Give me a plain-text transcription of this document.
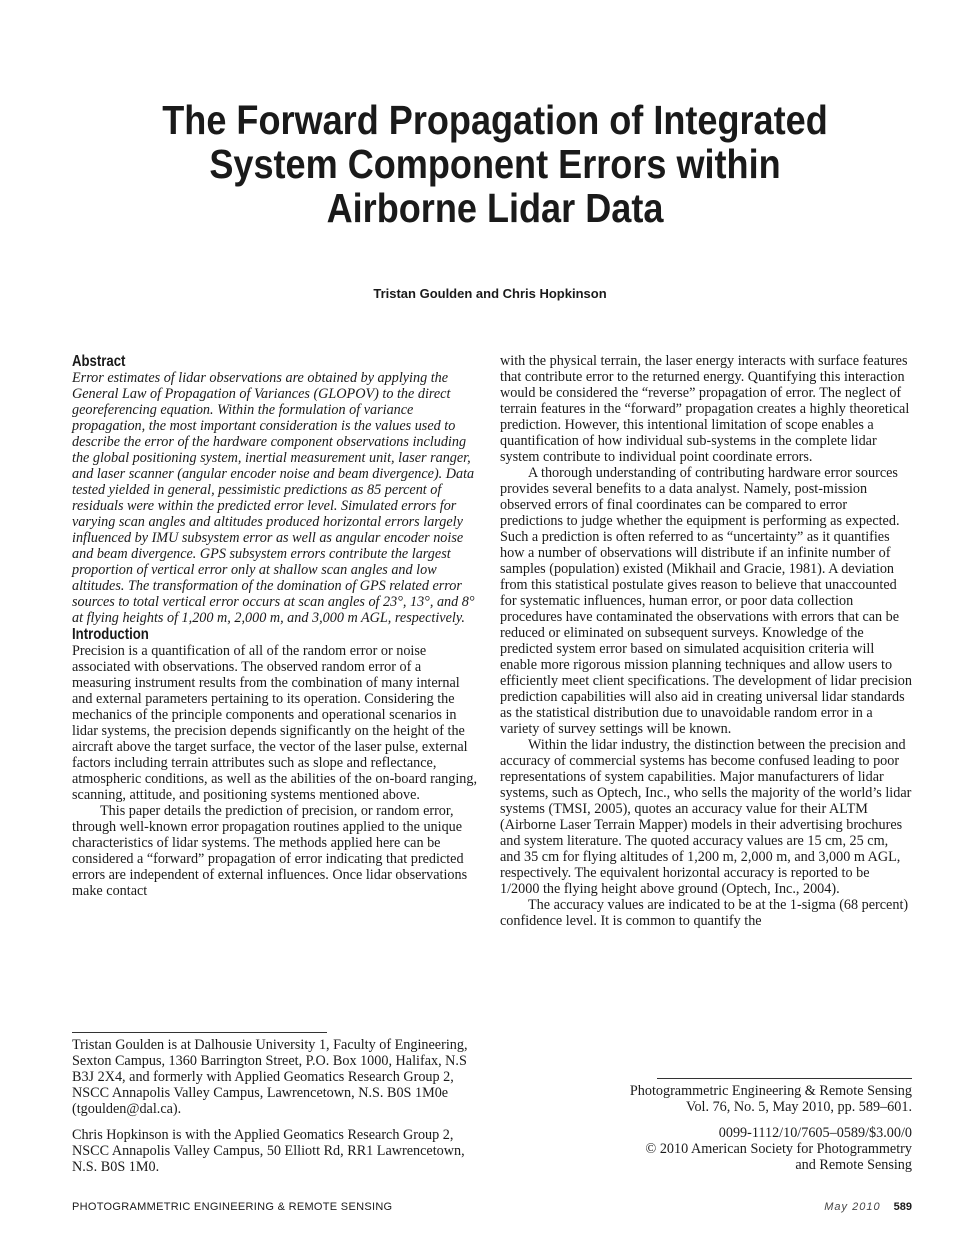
The Forward Propagation of Integrated
System Component Errors within
Airborne Lidar Data
Tristan Goulden and Chris Hopkinson
Abstract

Error estimates of lidar observations are obtained by applying the General Law of Propagation of Variances (GLOPOV) to the direct georeferencing equation. Within the formulation of variance propagation, the most important consideration is the values used to describe the error of the hardware component observations including the global positioning system, inertial measurement unit, laser ranger, and laser scanner (angular encoder noise and beam divergence). Data tested yielded in general, pessimistic predictions as 85 percent of residuals were within the predicted error level. Simulated errors for varying scan angles and altitudes produced horizontal errors largely influenced by IMU subsystem error as well as angular encoder noise and beam divergence. GPS subsystem errors contribute the largest proportion of vertical error only at shallow scan angles and low altitudes. The transformation of the domination of GPS related error sources to total vertical error occurs at scan angles of 23°, 13°, and 8° at flying heights of 1,200 m, 2,000 m, and 3,000 m AGL, respectively.

Introduction

Precision is a quantification of all of the random error or noise associated with observations. The observed random error of a measuring instrument results from the combination of many internal and external parameters pertaining to its operation. Considering the mechanics of the principle components and operational scenarios in lidar systems, the precision depends significantly on the height of the aircraft above the target surface, the vector of the laser pulse, external factors including terrain attributes such as slope and reflectance, atmospheric conditions, as well as the abilities of the on-board ranging, scanning, attitude, and positioning systems mentioned above.

This paper details the prediction of precision, or random error, through well-known error propagation routines applied to the unique characteristics of lidar systems. The methods applied here can be considered a “forward” propagation of error indicating that predicted errors are independent of external influences. Once lidar observations make contact

with the physical terrain, the laser energy interacts with surface features that contribute error to the returned energy. Quantifying this interaction would be considered the “reverse” propagation of error. The neglect of terrain features in the “forward” propagation creates a highly theoretical prediction. However, this intentional limitation of scope enables a quantification of how individual sub-systems in the complete lidar system contribute to individual point coordinate errors.

A thorough understanding of contributing hardware error sources provides several benefits to a data analyst. Namely, post-mission observed errors of final coordinates can be compared to error predictions to judge whether the equipment is performing as expected. Such a prediction is often referred to as “uncertainty” as it quantifies how a number of observations will distribute if an infinite number of samples (population) existed (Mikhail and Gracie, 1981). A deviation from this statistical postulate gives reason to believe that unaccounted for systematic influences, human error, or poor data collection procedures have contaminated the observations with errors that can be reduced or eliminated on subsequent surveys. Knowledge of the predicted system error based on simulated acquisition criteria will enable more rigorous mission planning techniques and allow users to efficiently meet client specifications. The development of lidar precision prediction capabilities will also aid in creating universal lidar standards as the statistical distribution due to unavoidable random error in a variety of survey settings will be known.

Within the lidar industry, the distinction between the precision and accuracy of commercial systems has become confused leading to poor representations of system capabilities. Major manufacturers of lidar systems, such as Optech, Inc., who sells the majority of the world’s lidar systems (TMSI, 2005), quotes an accuracy value for their ALTM (Airborne Laser Terrain Mapper) models in their advertising brochures and system literature. The quoted accuracy values are 15 cm, 25 cm, and 35 cm for flying altitudes of 1,200 m, 2,000 m, and 3,000 m AGL, respectively. The equivalent horizontal accuracy is reported to be 1/2000 the flying height above ground (Optech, Inc., 2004).

The accuracy values are indicated to be at the 1-sigma (68 percent) confidence level. It is common to quantify the

Tristan Goulden is at Dalhousie University 1, Faculty of Engineering, Sexton Campus, 1360 Barrington Street, P.O. Box 1000, Halifax, N.S B3J 2X4, and formerly with Applied Geomatics Research Group 2, NSCC Annapolis Valley Campus, Lawrencetown, N.S. B0S 1M0e (tgoulden@dal.ca).

Chris Hopkinson is with the Applied Geomatics Research Group 2, NSCC Annapolis Valley Campus, 50 Elliott Rd, RR1 Lawrencetown, N.S. B0S 1M0.

Photogrammetric Engineering & Remote Sensing

Vol. 76, No. 5, May 2010, pp. 589–601.

0099-1112/10/7605–0589/$3.00/0

© 2010 American Society for Photogrammetry

and Remote Sensing

PHOTOGRAMMETRIC ENGINEERING & REMOTE SENSING	May 2010 589
